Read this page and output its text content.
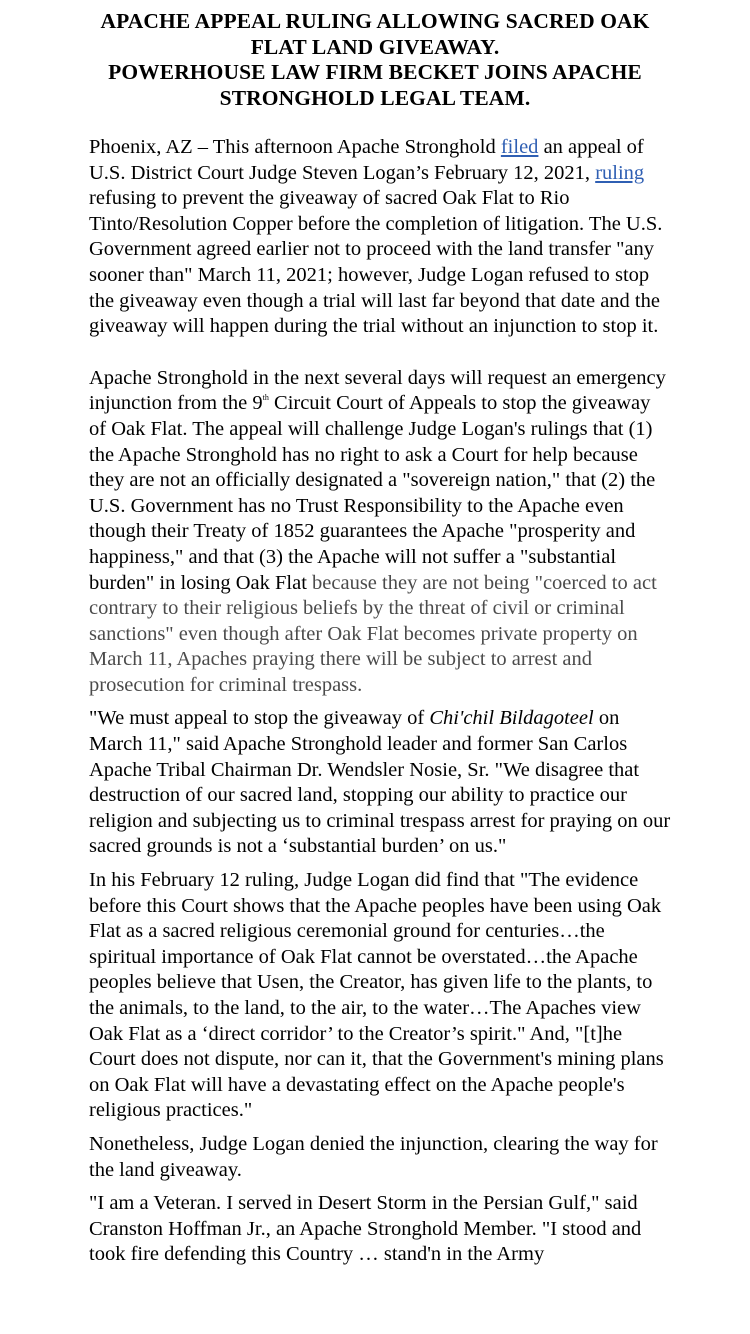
APACHE APPEAL RULING ALLOWING SACRED OAK FLAT LAND GIVEAWAY.
POWERHOUSE LAW FIRM BECKET JOINS APACHE STRONGHOLD LEGAL TEAM.

Phoenix, AZ – This afternoon Apache Stronghold filed an appeal of U.S. District Court Judge Steven Logan’s February 12, 2021, ruling refusing to prevent the giveaway of sacred Oak Flat to Rio Tinto/Resolution Copper before the completion of litigation. The U.S. Government agreed earlier not to proceed with the land transfer "any sooner than" March 11, 2021; however, Judge Logan refused to stop the giveaway even though a trial will last far beyond that date and the giveaway will happen during the trial without an injunction to stop it.

Apache Stronghold in the next several days will request an emergency injunction from the 9th Circuit Court of Appeals to stop the giveaway of Oak Flat. The appeal will challenge Judge Logan's rulings that (1) the Apache Stronghold has no right to ask a Court for help because they are not an officially designated a "sovereign nation," that (2) the U.S. Government has no Trust Responsibility to the Apache even though their Treaty of 1852 guarantees the Apache "prosperity and happiness," and that (3) the Apache will not suffer a "substantial burden" in losing Oak Flat because they are not being "coerced to act contrary to their religious beliefs by the threat of civil or criminal sanctions" even though after Oak Flat becomes private property on March 11, Apaches praying there will be subject to arrest and prosecution for criminal trespass.

"We must appeal to stop the giveaway of Chi'chil Bildagoteel on March 11," said Apache Stronghold leader and former San Carlos Apache Tribal Chairman Dr. Wendsler Nosie, Sr. "We disagree that destruction of our sacred land, stopping our ability to practice our religion and subjecting us to criminal trespass arrest for praying on our sacred grounds is not a ‘substantial burden’ on us."

In his February 12 ruling, Judge Logan did find that "The evidence before this Court shows that the Apache peoples have been using Oak Flat as a sacred religious ceremonial ground for centuries…the spiritual importance of Oak Flat cannot be overstated…the Apache peoples believe that Usen, the Creator, has given life to the plants, to the animals, to the land, to the air, to the water…The Apaches view Oak Flat as a ‘direct corridor’ to the Creator’s spirit." And, "[t]he Court does not dispute, nor can it, that the Government's mining plans on Oak Flat will have a devastating effect on the Apache people's religious practices."

Nonetheless, Judge Logan denied the injunction, clearing the way for the land giveaway.

"I am a Veteran. I served in Desert Storm in the Persian Gulf," said Cranston Hoffman Jr., an Apache Stronghold Member. "I stood and took fire defending this Country … stand'n in the Army
